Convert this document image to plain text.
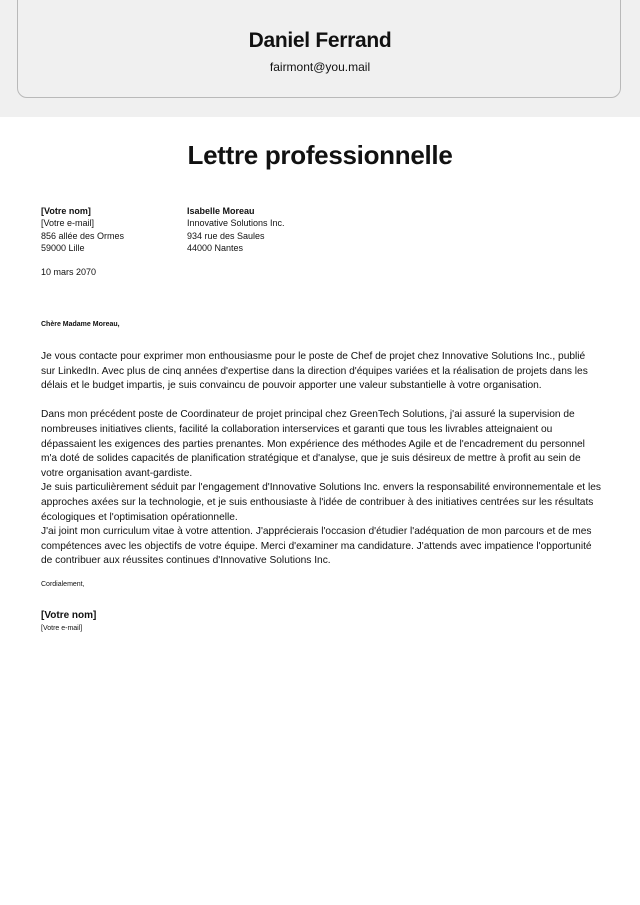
Daniel Ferrand
fairmont@you.mail
Lettre professionnelle
[Votre nom]
[Votre e-mail]
856 allée des Ormes
59000 Lille
Isabelle Moreau
Innovative Solutions Inc.
934 rue des Saules
44000 Nantes
10 mars 2070
Chère Madame Moreau,

Je vous contacte pour exprimer mon enthousiasme pour le poste de Chef de projet chez Innovative Solutions Inc., publié sur LinkedIn. Avec plus de cinq années d'expertise dans la direction d'équipes variées et la réalisation de projets dans les délais et le budget impartis, je suis convaincu de pouvoir apporter une valeur substantielle à votre organisation.

Dans mon précédent poste de Coordinateur de projet principal chez GreenTech Solutions, j'ai assuré la supervision de nombreuses initiatives clients, facilité la collaboration interservices et garanti que tous les livrables atteignaient ou dépassaient les exigences des parties prenantes. Mon expérience des méthodes Agile et de l'encadrement du personnel m'a doté de solides capacités de planification stratégique et d'analyse, que je suis désireux de mettre à profit au sein de votre organisation avant-gardiste.

Je suis particulièrement séduit par l'engagement d'Innovative Solutions Inc. envers la responsabilité environnementale et les approches axées sur la technologie, et je suis enthousiaste à l'idée de contribuer à des initiatives centrées sur les résultats écologiques et l'optimisation opérationnelle.

J'ai joint mon curriculum vitae à votre attention. J'apprécierais l'occasion d'étudier l'adéquation de mon parcours et de mes compétences avec les objectifs de votre équipe. Merci d'examiner ma candidature. J'attends avec impatience l'opportunité de contribuer aux réussites continues d'Innovative Solutions Inc.

Cordialement,
[Votre nom]
[Votre e-mail]
